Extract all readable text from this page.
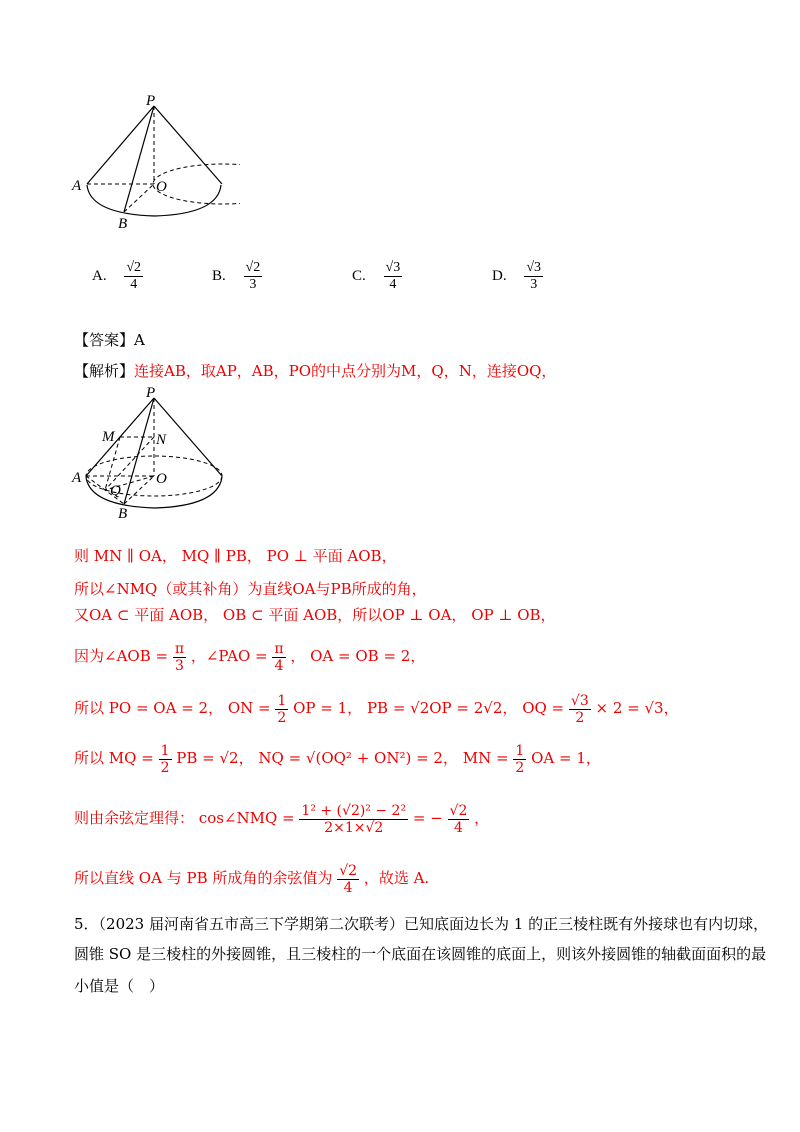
P
A	O
B
A. $\frac{√2}{4}$	B. $\frac{√2}{3}$	C. $\frac{√3}{4}$	D. $\frac{√3}{3}$
【答案】A
【解析】连接AB，取AP，AB，PO的中点分别为M，Q，N，连接OQ，
P
M	N
A
Q
O
B
则 MN ∥ OA， MQ ∥ PB， PO ⊥ 平面 AOB，
所以∠NMQ（或其补角）为直线OA与PB所成的角，
又OA ⊂ 平面 AOB， OB ⊂ 平面 AOB，所以OP ⊥ OA， OP ⊥ OB，
因为∠AOB = $\frac{\pi}{3}$ ，∠PAO = $\frac{\pi}{4}$ ， OA = OB = 2，
所以 PO = OA = 2， ON = $\frac{1}{2}$ OP = 1， PB = √2OP = 2√2， OQ = $\frac{√3}{2} \times 2 = √3$，
所以 MQ = $\frac{1}{2}$ PB = √2， NQ = √(OQ² + ON²) = 2， MN = $\frac{1}{2}$ OA = 1，
则由余弦定理得： cos∠NMQ = $\frac{\text{1² + (√2)² − 2²}}{2\times 1\times√2}$ = − $\frac{√2}{4}$ ，
所以直线 OA 与 PB 所成角的余弦值为 $\frac{√2}{4}$ ，故选 A.
5．（2023 届河南省五市高三下学期第二次联考）已知底面边长为 1 的正三棱柱既有外接球也有内切球，
圆锥 SO 是三棱柱的外接圆锥，且三棱柱的一个底面在该圆锥的底面上，则该外接圆锥的轴截面面积的最
小值是（　）
